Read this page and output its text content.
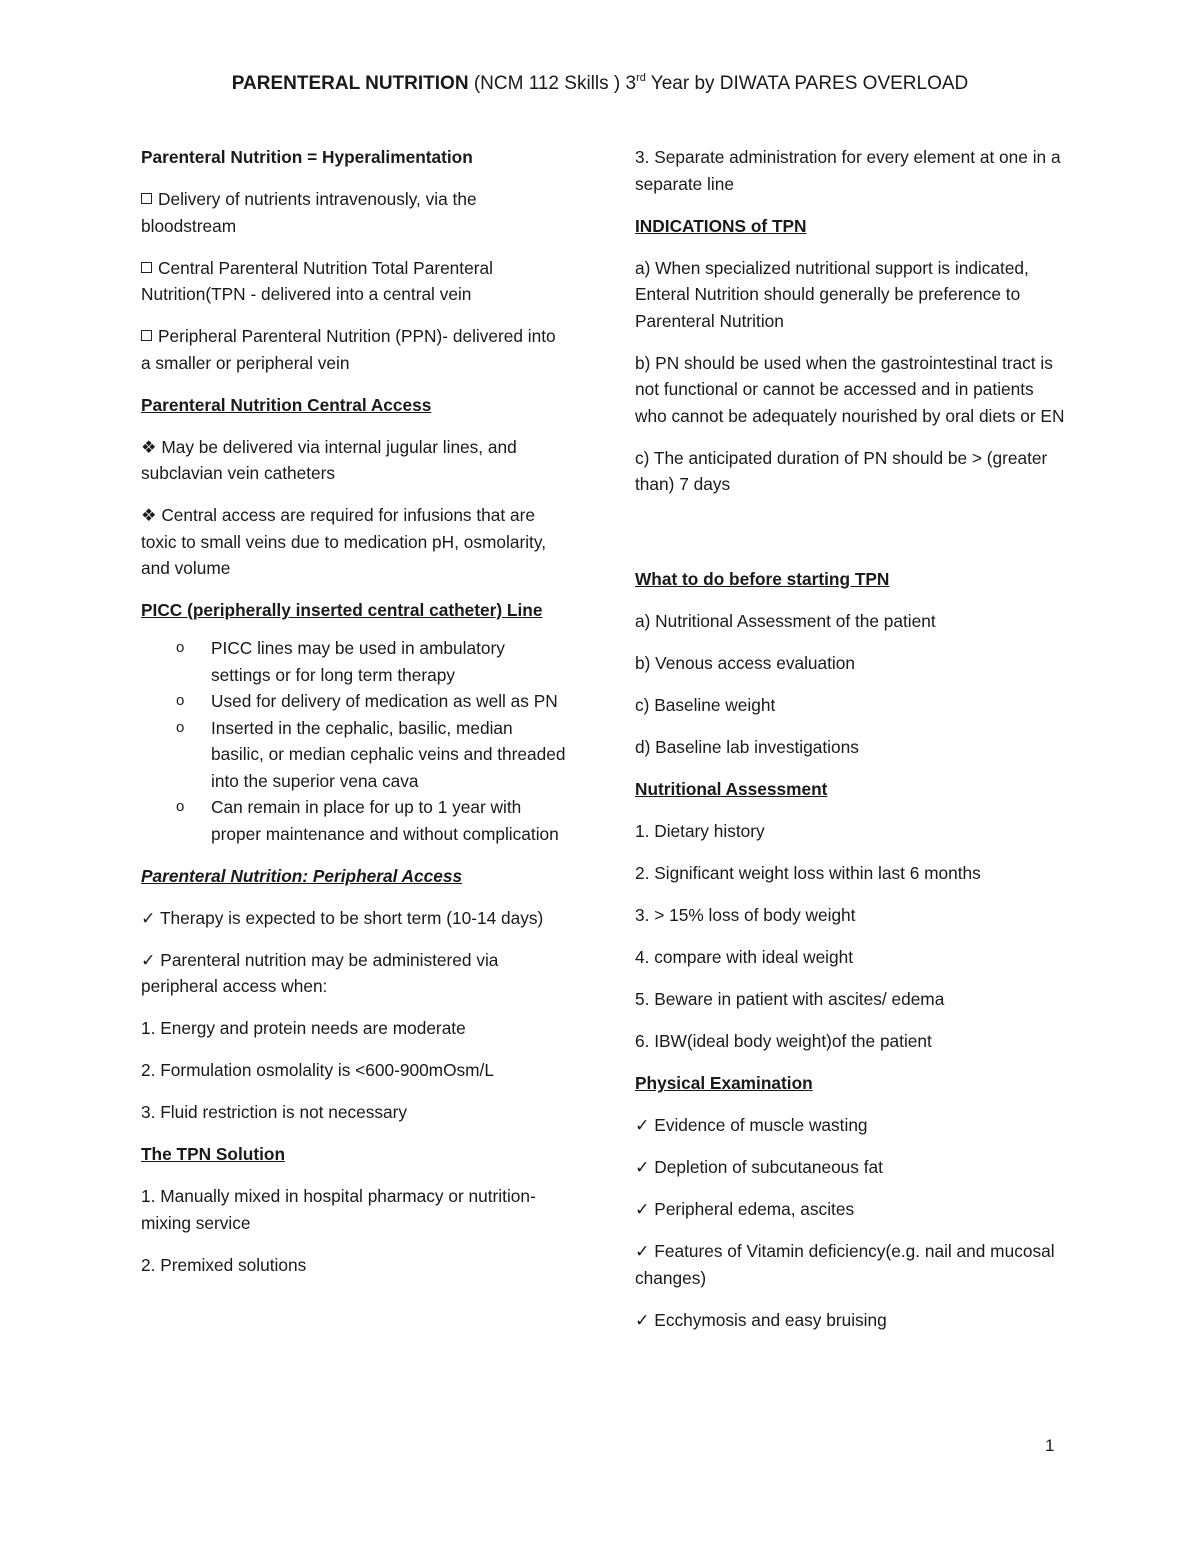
PARENTERAL NUTRITION (NCM 112 Skills ) 3rd Year by DIWATA PARES OVERLOAD

Parenteral Nutrition = Hyperalimentation

Delivery of nutrients intravenously, via the bloodstream

Central Parenteral Nutrition Total Parenteral Nutrition(TPN - delivered into a central vein

Peripheral Parenteral Nutrition (PPN)- delivered into a smaller or peripheral vein

Parenteral Nutrition Central Access

❖ May be delivered via internal jugular lines, and subclavian vein catheters

❖ Central access are required for infusions that are toxic to small veins due to medication pH, osmolarity, and volume

PICC (peripherally inserted central catheter) Line

o PICC lines may be used in ambulatory settings or for long term therapy
o Used for delivery of medication as well as PN
o Inserted in the cephalic, basilic, median basilic, or median cephalic veins and threaded into the superior vena cava
o Can remain in place for up to 1 year with proper maintenance and without complication

Parenteral Nutrition: Peripheral Access

✓ Therapy is expected to be short term (10-14 days)

✓ Parenteral nutrition may be administered via peripheral access when:

1. Energy and protein needs are moderate

2. Formulation osmolality is <600-900mOsm/L

3. Fluid restriction is not necessary

The TPN Solution

1. Manually mixed in hospital pharmacy or nutrition-mixing service

2. Premixed solutions

3. Separate administration for every element at one in a separate line

INDICATIONS of TPN

a) When specialized nutritional support is indicated, Enteral Nutrition should generally be preference to Parenteral Nutrition

b) PN should be used when the gastrointestinal tract is not functional or cannot be accessed and in patients who cannot be adequately nourished by oral diets or EN

c) The anticipated duration of PN should be > (greater than) 7 days

What to do before starting TPN

a) Nutritional Assessment of the patient

b) Venous access evaluation

c) Baseline weight

d) Baseline lab investigations

Nutritional Assessment

1. Dietary history

2. Significant weight loss within last 6 months

3. > 15% loss of body weight

4. compare with ideal weight

5. Beware in patient with ascites/ edema

6. IBW(ideal body weight)of the patient

Physical Examination

✓ Evidence of muscle wasting

✓ Depletion of subcutaneous fat

✓ Peripheral edema, ascites

✓ Features of Vitamin deficiency(e.g. nail and mucosal changes)

✓ Ecchymosis and easy bruising

1
